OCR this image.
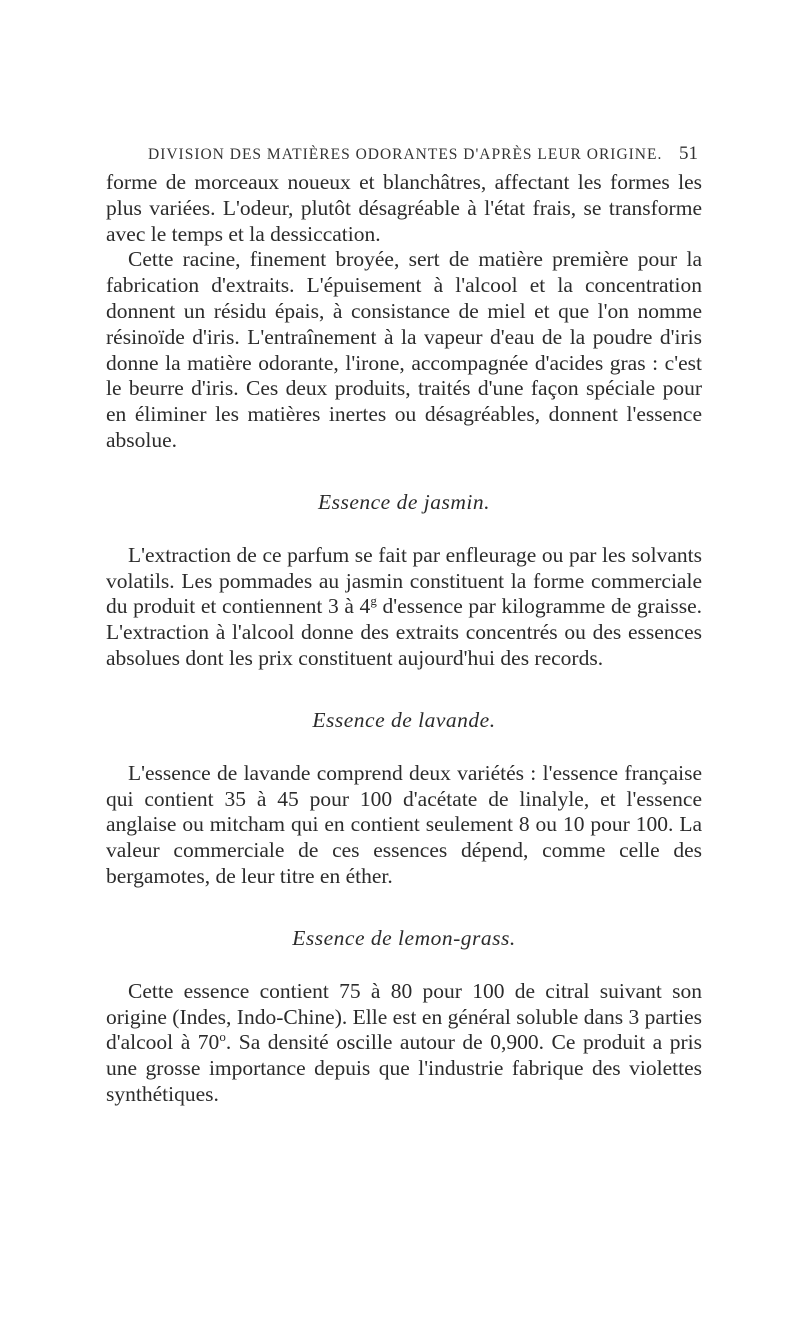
DIVISION DES MATIÈRES ODORANTES D'APRÈS LEUR ORIGINE. 51

forme de morceaux noueux et blanchâtres, affectant les formes les plus variées. L'odeur, plutôt désagréable à l'état frais, se transforme avec le temps et la dessiccation.

Cette racine, finement broyée, sert de matière première pour la fabrication d'extraits. L'épuisement à l'alcool et la concentration donnent un résidu épais, à consistance de miel et que l'on nomme résinoïde d'iris. L'entraînement à la vapeur d'eau de la poudre d'iris donne la matière odorante, l'irone, accompagnée d'acides gras : c'est le beurre d'iris. Ces deux produits, traités d'une façon spéciale pour en éliminer les matières inertes ou désagréables, donnent l'essence absolue.

Essence de jasmin.

L'extraction de ce parfum se fait par enfleurage ou par les solvants volatils. Les pommades au jasmin constituent la forme commerciale du produit et contiennent 3 à 4$^g$ d'essence par kilogramme de graisse. L'extraction à l'alcool donne des extraits concentrés ou des essences absolues dont les prix constituent aujourd'hui des records.

Essence de lavande.

L'essence de lavande comprend deux variétés : l'essence française qui contient 35 à 45 pour 100 d'acétate de linalyle, et l'essence anglaise ou mitcham qui en contient seulement 8 ou 10 pour 100. La valeur commerciale de ces essences dépend, comme celle des bergamotes, de leur titre en éther.

Essence de lemon-grass.

Cette essence contient 75 à 80 pour 100 de citral suivant son origine (Indes, Indo-Chine). Elle est en général soluble dans 3 parties d'alcool à 70$^o$. Sa densité oscille autour de 0,900. Ce produit a pris une grosse importance depuis que l'industrie fabrique des violettes synthétiques.
